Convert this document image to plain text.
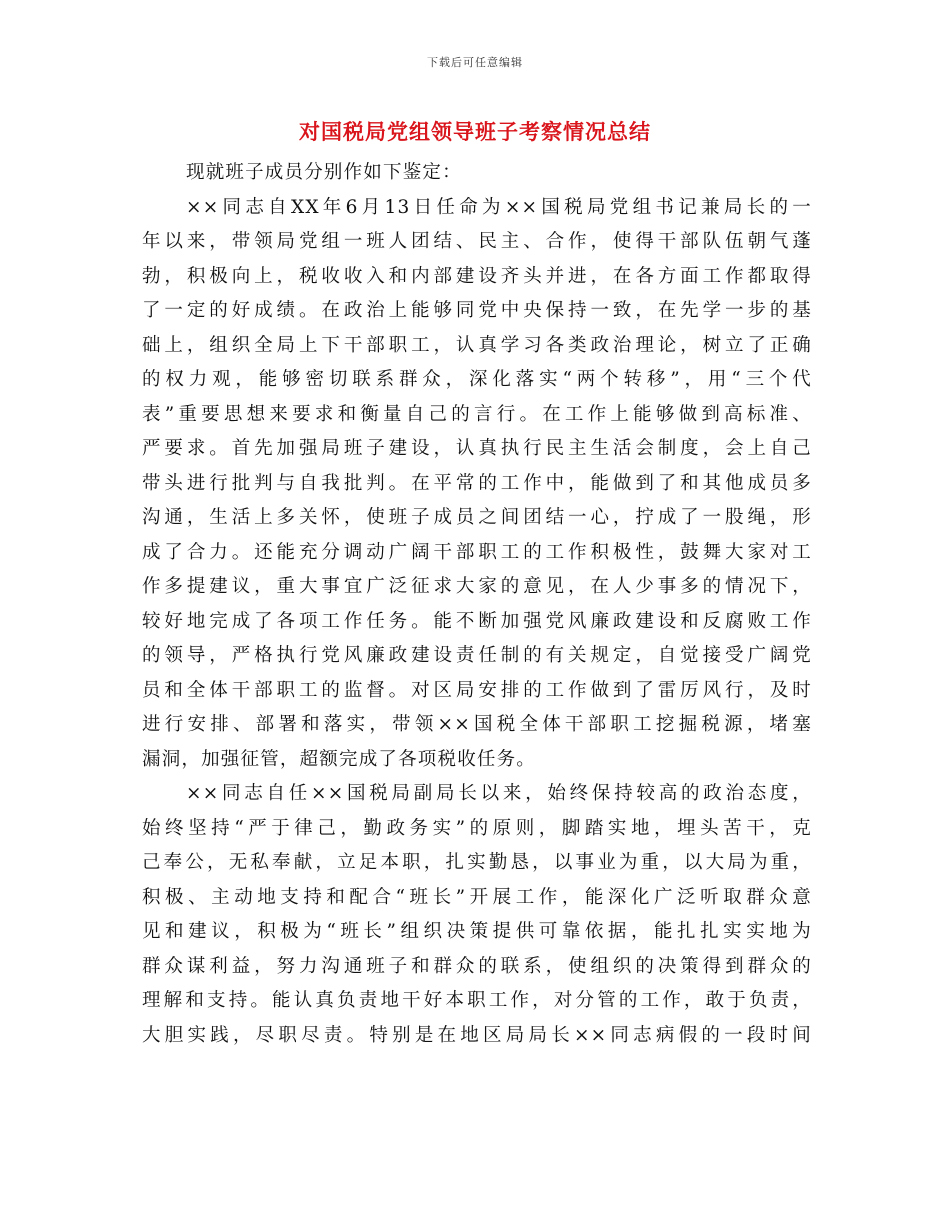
下载后可任意编辑
对国税局党组领导班子考察情况总结
现就班子成员分别作如下鉴定：
××同志自XX年6月13日任命为××国税局党组书记兼局长的一
年以来，带领局党组一班人团结、民主、合作，使得干部队伍朝气蓬
勃，积极向上，税收收入和内部建设齐头并进，在各方面工作都取得
了一定的好成绩。在政治上能够同党中央保持一致，在先学一步的基
础上，组织全局上下干部职工，认真学习各类政治理论，树立了正确
的权力观，能够密切联系群众，深化落实“两个转移”，用“三个代
表”重要思想来要求和衡量自己的言行。在工作上能够做到高标准、
严要求。首先加强局班子建设，认真执行民主生活会制度，会上自己
带头进行批判与自我批判。在平常的工作中，能做到了和其他成员多
沟通，生活上多关怀，使班子成员之间团结一心，拧成了一股绳，形
成了合力。还能充分调动广阔干部职工的工作积极性，鼓舞大家对工
作多提建议，重大事宜广泛征求大家的意见，在人少事多的情况下，
较好地完成了各项工作任务。能不断加强党风廉政建设和反腐败工作
的领导，严格执行党风廉政建设责任制的有关规定，自觉接受广阔党
员和全体干部职工的监督。对区局安排的工作做到了雷厉风行，及时
进行安排、部署和落实，带领××国税全体干部职工挖掘税源，堵塞
漏洞，加强征管，超额完成了各项税收任务。
××同志自任××国税局副局长以来，始终保持较高的政治态度，
始终坚持“严于律己，勤政务实”的原则，脚踏实地，埋头苦干，克
己奉公，无私奉献，立足本职，扎实勤恳，以事业为重，以大局为重，
积极、主动地支持和配合“班长”开展工作，能深化广泛听取群众意
见和建议，积极为“班长”组织决策提供可靠依据，能扎扎实实地为
群众谋利益，努力沟通班子和群众的联系，使组织的决策得到群众的
理解和支持。能认真负责地干好本职工作，对分管的工作，敢于负责，
大胆实践，尽职尽责。特别是在地区局局长××同志病假的一段时间
